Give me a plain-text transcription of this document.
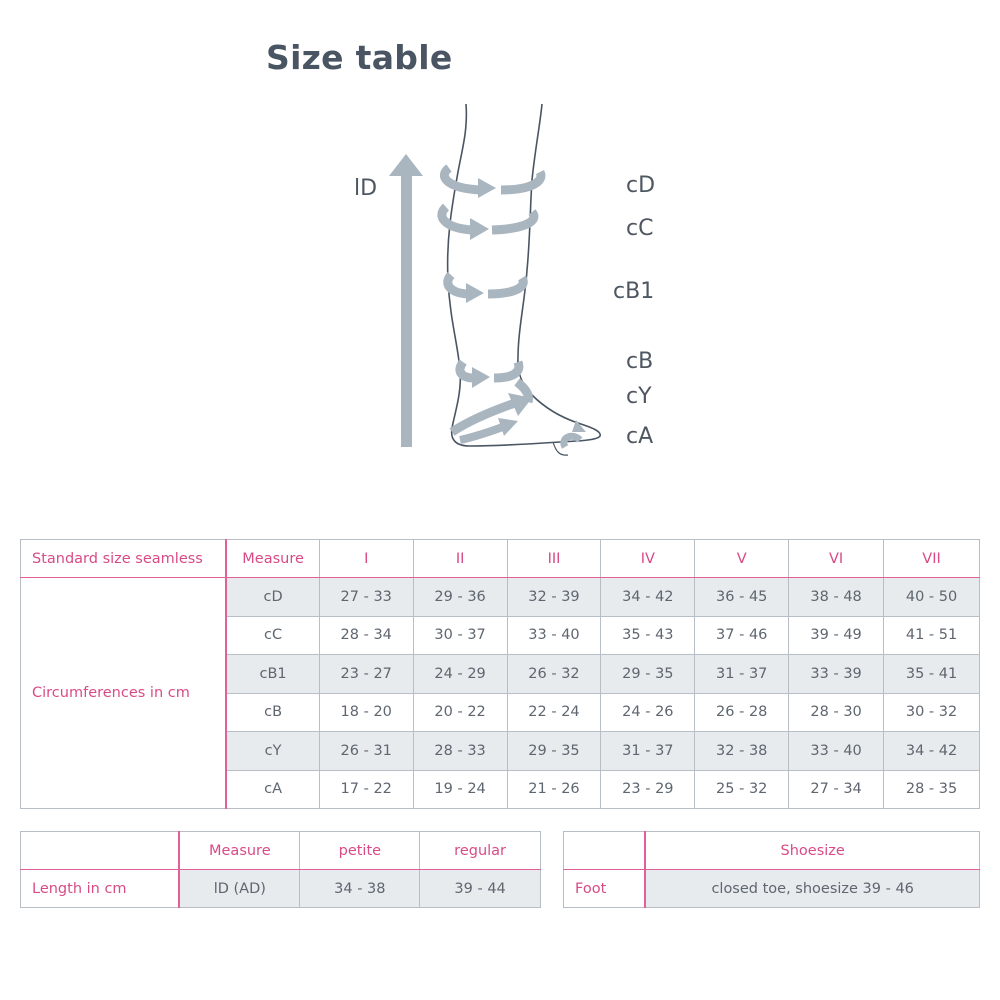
Size table
lD	cD
cC
cB1
cB
cY
cA
Standard size seamless	Measure	I	II	III	IV	V	VI	VII
Circumferences in cm	cD	27 - 33	29 - 36	32 - 39	34 - 42	36 - 45	38 - 48	40 - 50
	cC	28 - 34	30 - 37	33 - 40	35 - 43	37 - 46	39 - 49	41 - 51
	cB1	23 - 27	24 - 29	26 - 32	29 - 35	31 - 37	33 - 39	35 - 41
	cB	18 - 20	20 - 22	22 - 24	24 - 26	26 - 28	28 - 30	30 - 32
	cY	26 - 31	28 - 33	29 - 35	31 - 37	32 - 38	33 - 40	34 - 42
	cA	17 - 22	19 - 24	21 - 26	23 - 29	25 - 32	27 - 34	28 - 35
	Measure	petite	regular
Length in cm	lD (AD)	34 - 38	39 - 44
	Shoesize
Foot	closed toe, shoesize 39 - 46
